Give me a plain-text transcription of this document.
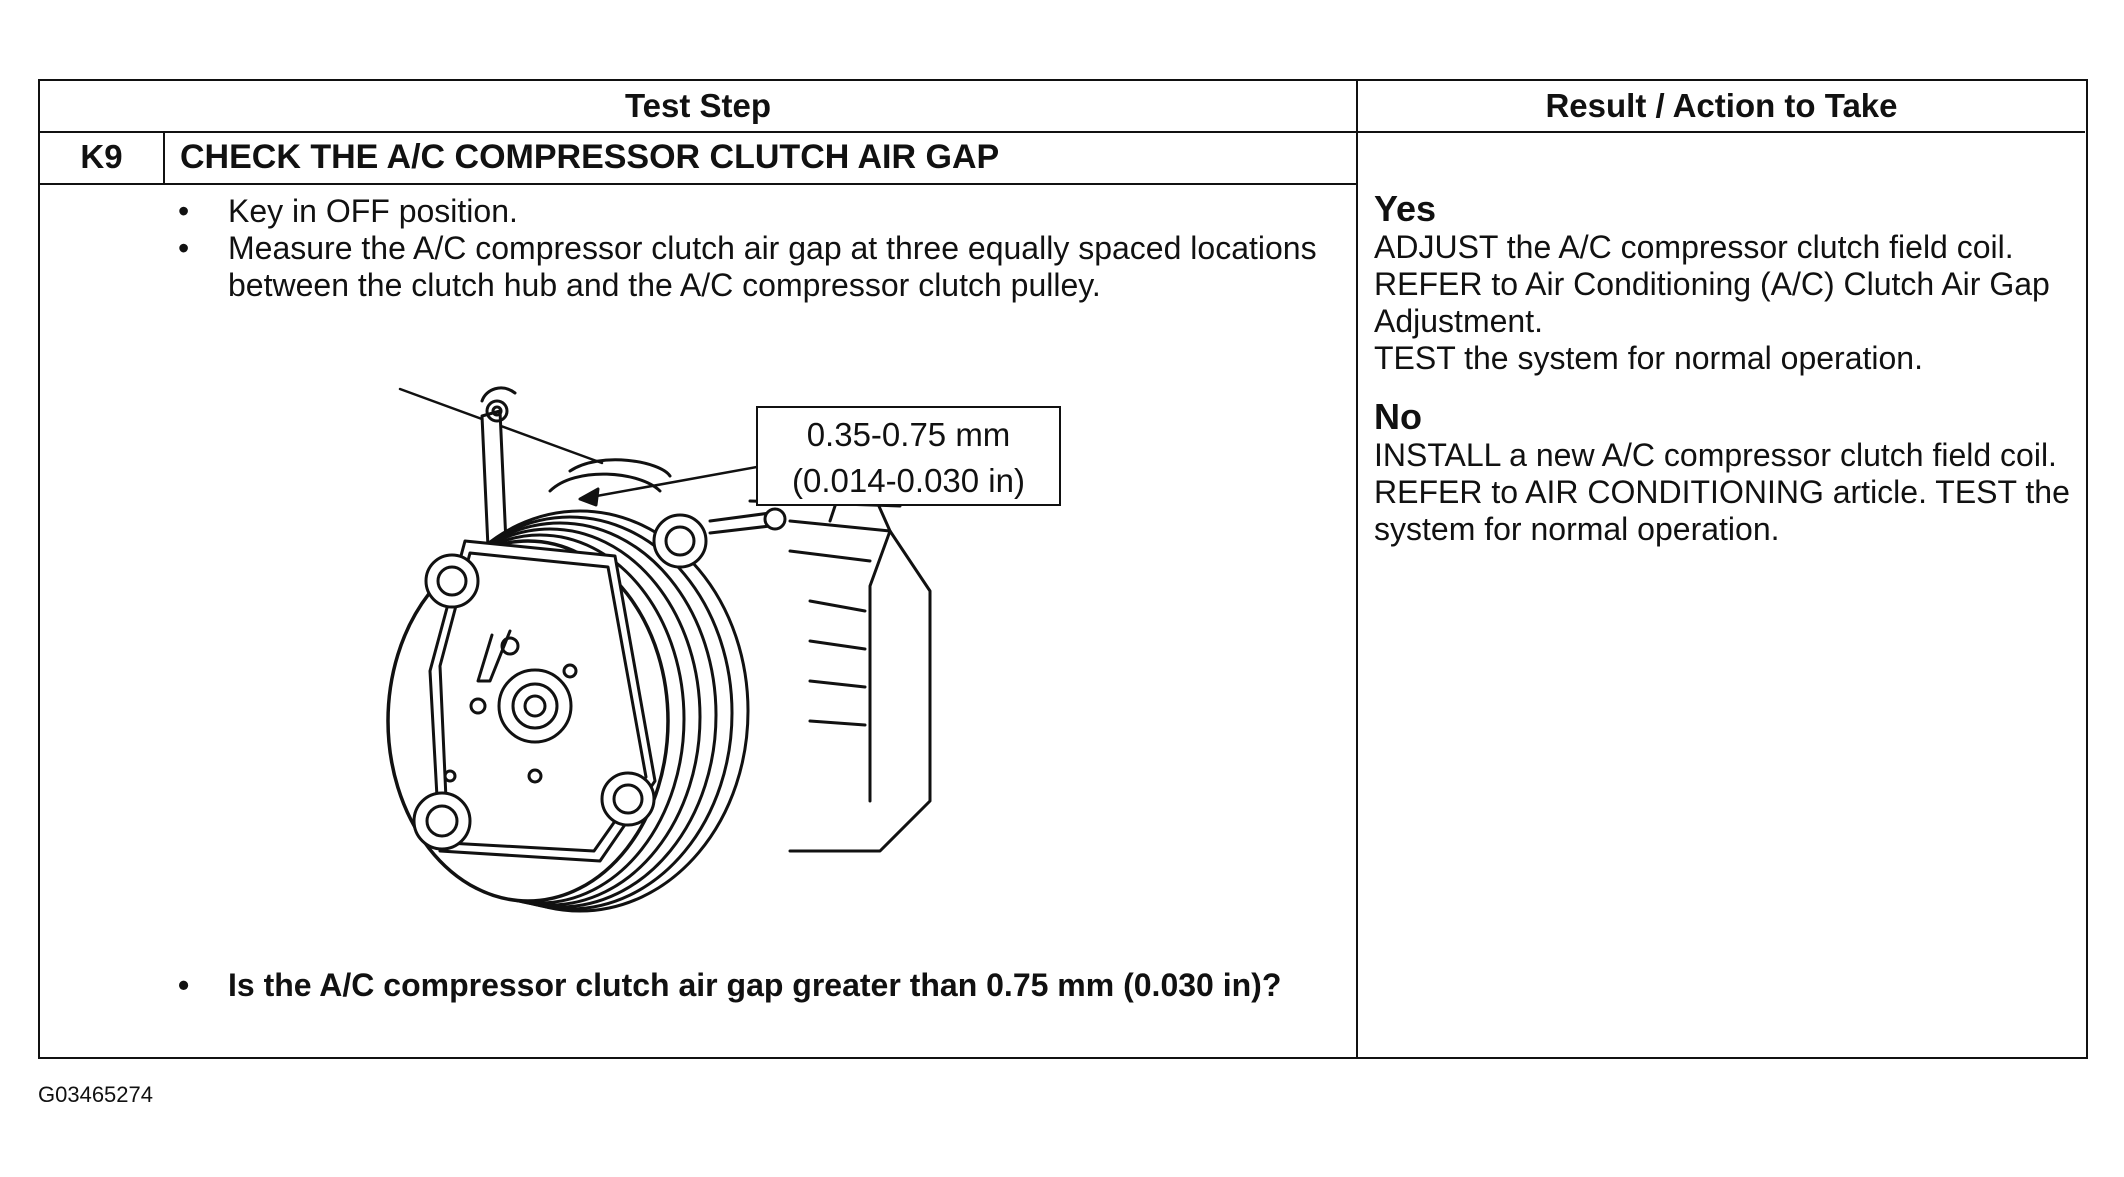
Test Step	Result / Action to Take
K9	CHECK THE A/C COMPRESSOR CLUTCH AIR GAP
• Key in OFF position.
• Measure the A/C compressor clutch air gap at three equally spaced locations between the clutch hub and the A/C compressor clutch pulley.
0.35-0.75 mm
(0.014-0.030 in)
• Is the A/C compressor clutch air gap greater than 0.75 mm (0.030 in)?
Yes
ADJUST the A/C compressor clutch field coil. REFER to Air Conditioning (A/C) Clutch Air Gap Adjustment.
TEST the system for normal operation.
No
INSTALL a new A/C compressor clutch field coil. REFER to AIR CONDITIONING article. TEST the system for normal operation.
G03465274
